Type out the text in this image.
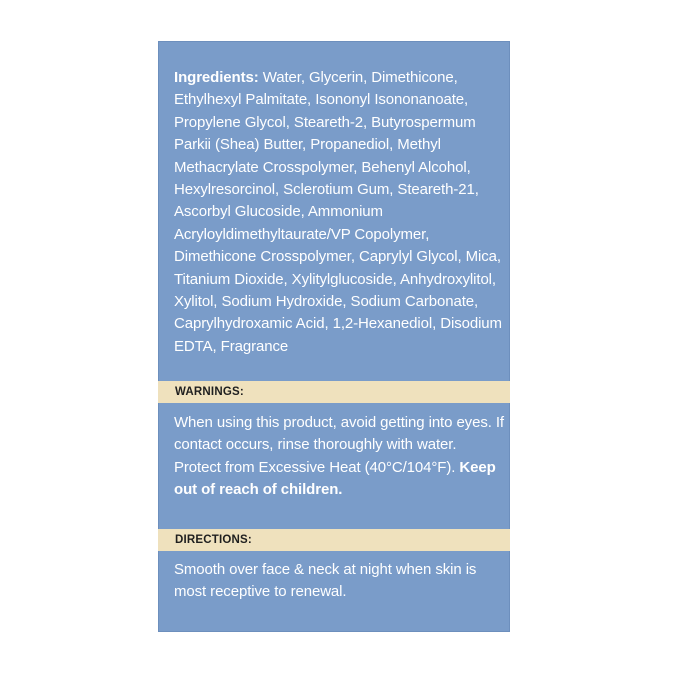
Ingredients: Water, Glycerin, Dimethicone, Ethylhexyl Palmitate, Isononyl Isononanoate, Propylene Glycol, Steareth-2, Butyrospermum Parkii (Shea) Butter, Propanediol, Methyl Methacrylate Crosspolymer, Behenyl Alcohol, Hexylresorcinol, Sclerotium Gum, Steareth-21, Ascorbyl Glucoside, Ammonium Acryloyldimethyltaurate/VP Copolymer, Dimethicone Crosspolymer, Caprylyl Glycol, Mica, Titanium Dioxide, Xylitylglucoside, Anhydroxylitol, Xylitol, Sodium Hydroxide, Sodium Carbonate, Caprylhydroxamic Acid, 1,2-Hexanediol, Disodium EDTA, Fragrance
WARNINGS:
When using this product, avoid getting into eyes. If contact occurs, rinse thoroughly with water. Protect from Excessive Heat (40°C/104°F). Keep out of reach of children.
DIRECTIONS:
Smooth over face & neck at night when skin is most receptive to renewal.
